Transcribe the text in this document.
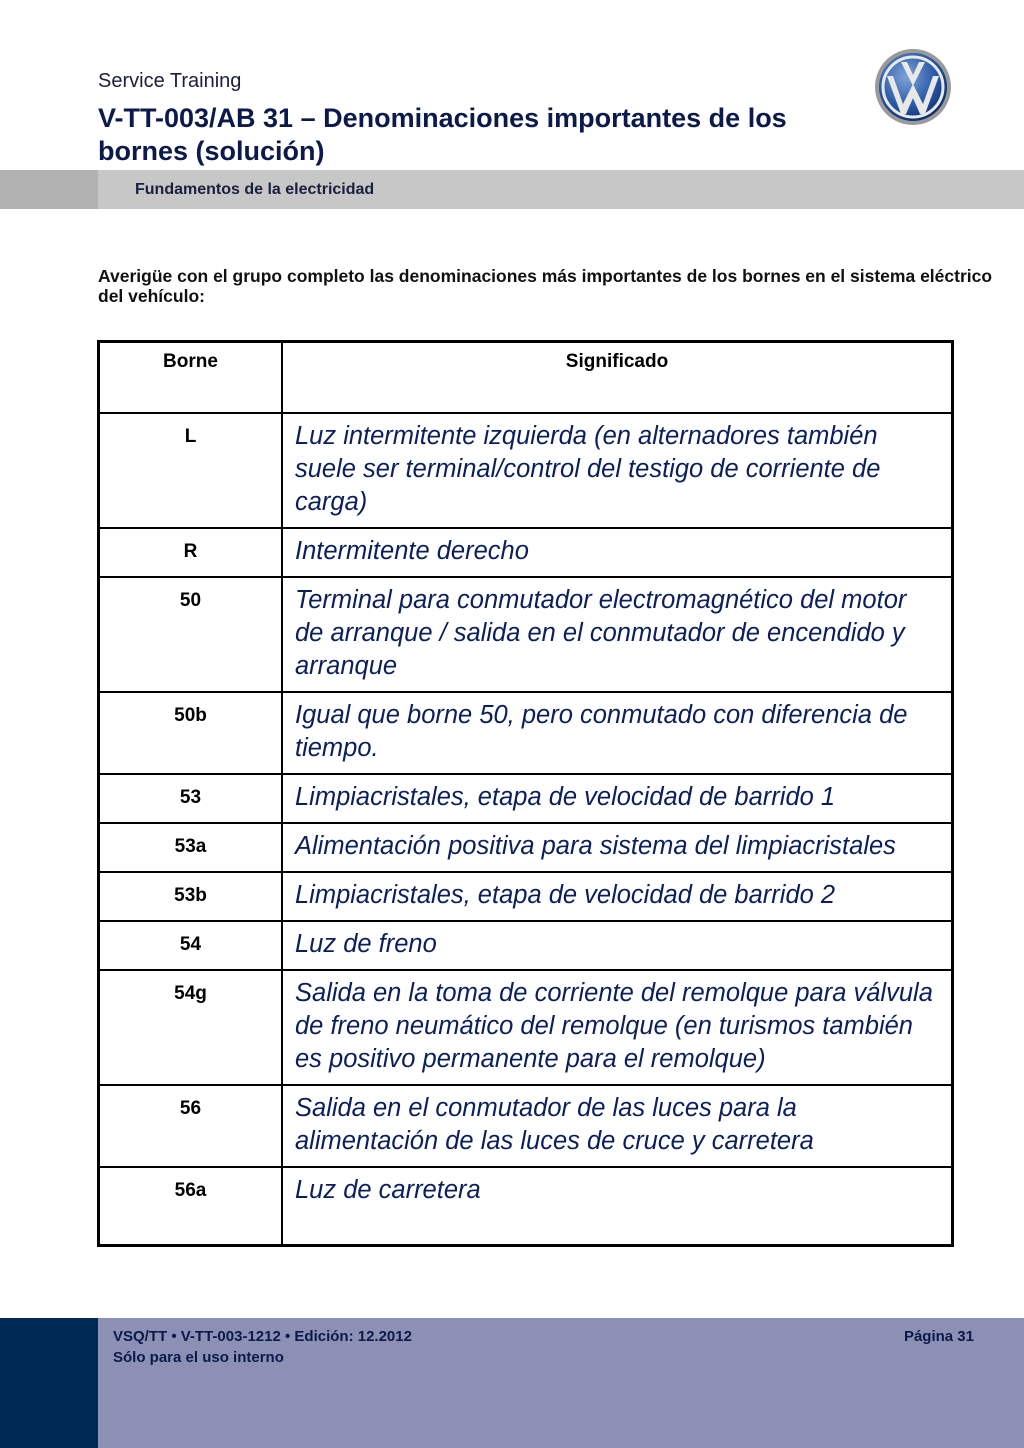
Service Training
V-TT-003/AB 31 – Denominaciones importantes de los bornes (solución)
Fundamentos de la electricidad
Averigüe con el grupo completo las denominaciones más importantes de los bornes en el sistema eléctrico del vehículo:
Borne	Significado
L	Luz intermitente izquierda (en alternadores también suele ser terminal/control del testigo de corriente de carga)
R	Intermitente derecho
50	Terminal para conmutador electromagnético del motor de arranque / salida en el conmutador de encendido y arranque
50b	Igual que borne 50, pero conmutado con diferencia de tiempo.
53	Limpiacristales, etapa de velocidad de barrido 1
53a	Alimentación positiva para sistema del limpiacristales
53b	Limpiacristales, etapa de velocidad de barrido 2
54	Luz de freno
54g	Salida en la toma de corriente del remolque para válvula de freno neumático del remolque (en turismos también es positivo permanente para el remolque)
56	Salida en el conmutador de las luces para la alimentación de las luces de cruce y carretera
56a	Luz de carretera
VSQ/TT • V-TT-003-1212 • Edición: 12.2012
Sólo para el uso interno
Página 31
